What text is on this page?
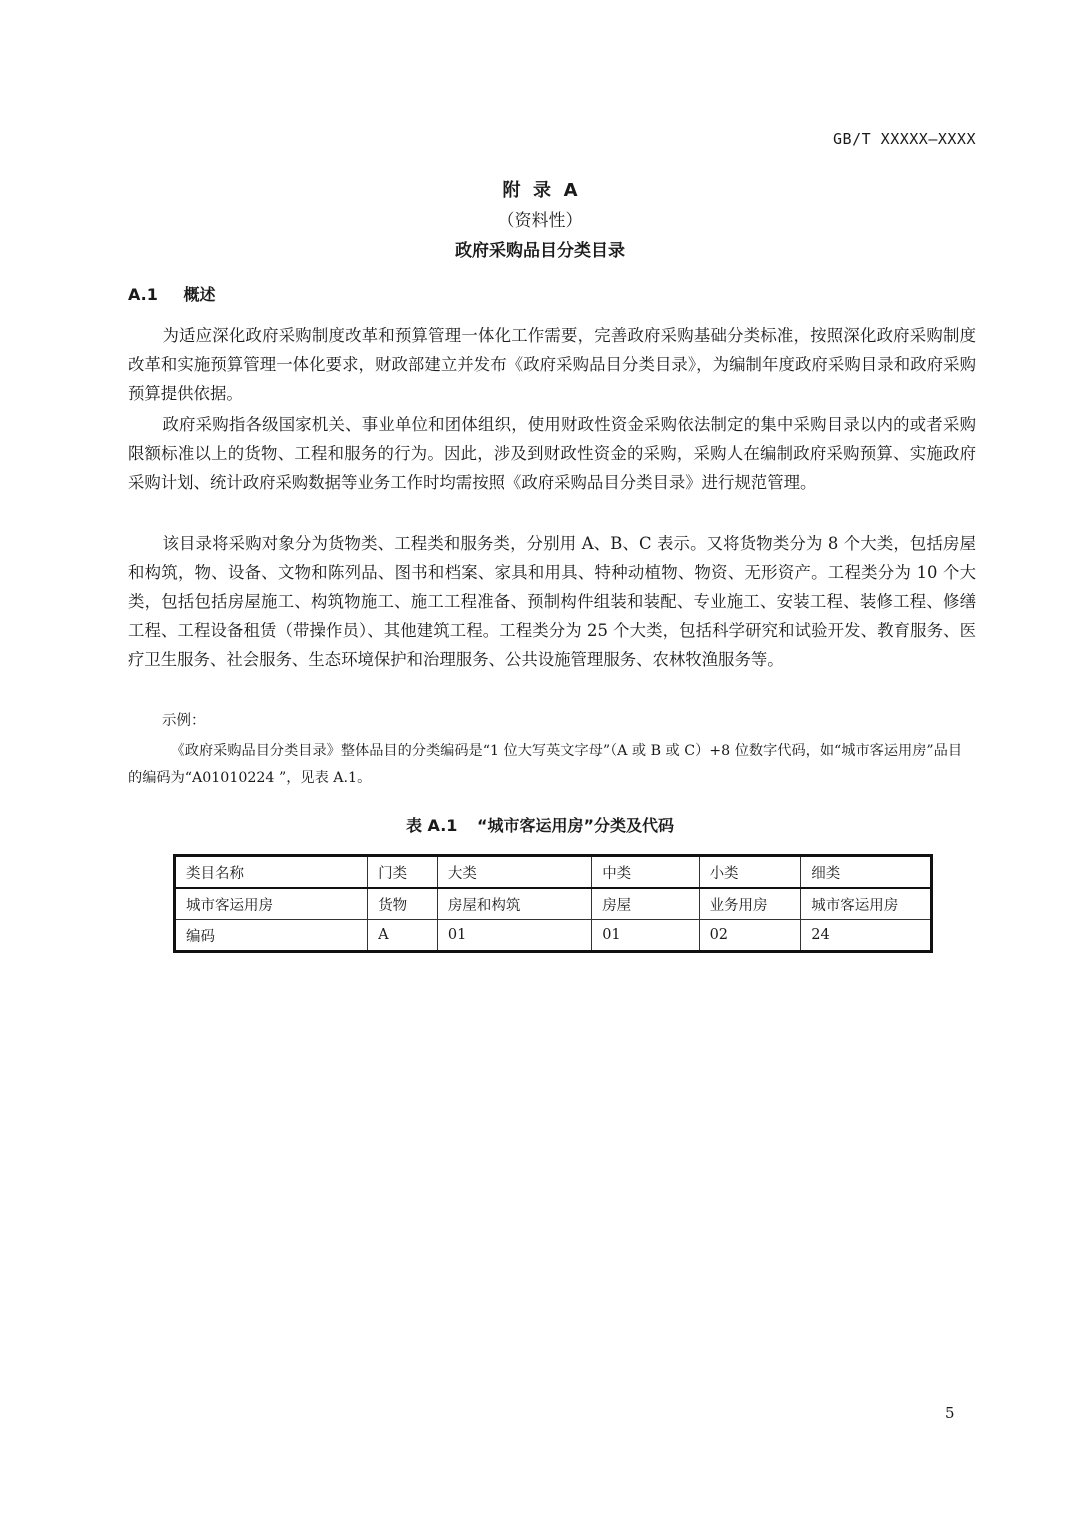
GB/T XXXXX—XXXX
附  录  A
（资料性）
政府采购品目分类目录
A.1 概述
为适应深化政府采购制度改革和预算管理一体化工作需要，完善政府采购基础分类标准，按照深化政府采购制度改革和实施预算管理一体化要求，财政部建立并发布《政府采购品目分类目录》，为编制年度政府采购目录和政府采购预算提供依据。
政府采购指各级国家机关、事业单位和团体组织，使用财政性资金采购依法制定的集中采购目录以内的或者采购限额标准以上的货物、工程和服务的行为。因此，涉及到财政性资金的采购，采购人在编制政府采购预算、实施政府采购计划、统计政府采购数据等业务工作时均需按照《政府采购品目分类目录》进行规范管理。
该目录将采购对象分为货物类、工程类和服务类，分别用 A、B、C 表示。又将货物类分为 8 个大类，包括房屋和构筑，物、设备、文物和陈列品、图书和档案、家具和用具、特种动植物、物资、无形资产。工程类分为 10 个大类，包括包括房屋施工、构筑物施工、施工工程准备、预制构件组装和装配、专业施工、安装工程、装修工程、修缮工程、工程设备租赁（带操作员）、其他建筑工程。工程类分为 25 个大类，包括科学研究和试验开发、教育服务、医疗卫生服务、社会服务、生态环境保护和治理服务、公共设施管理服务、农林牧渔服务等。
示例：
《政府采购品目分类目录》整体品目的分类编码是“1 位大写英文字母”（A 或 B 或 C）+8 位数字代码，如“城市客运用房”品目的编码为“A01010224 ”，见表 A.1。
表 A.1 “城市客运用房”分类及代码
类目名称	门类	大类	中类	小类	细类
城市客运用房	货物	房屋和构筑	房屋	业务用房	城市客运用房
编码	A	01	01	02	24
5
